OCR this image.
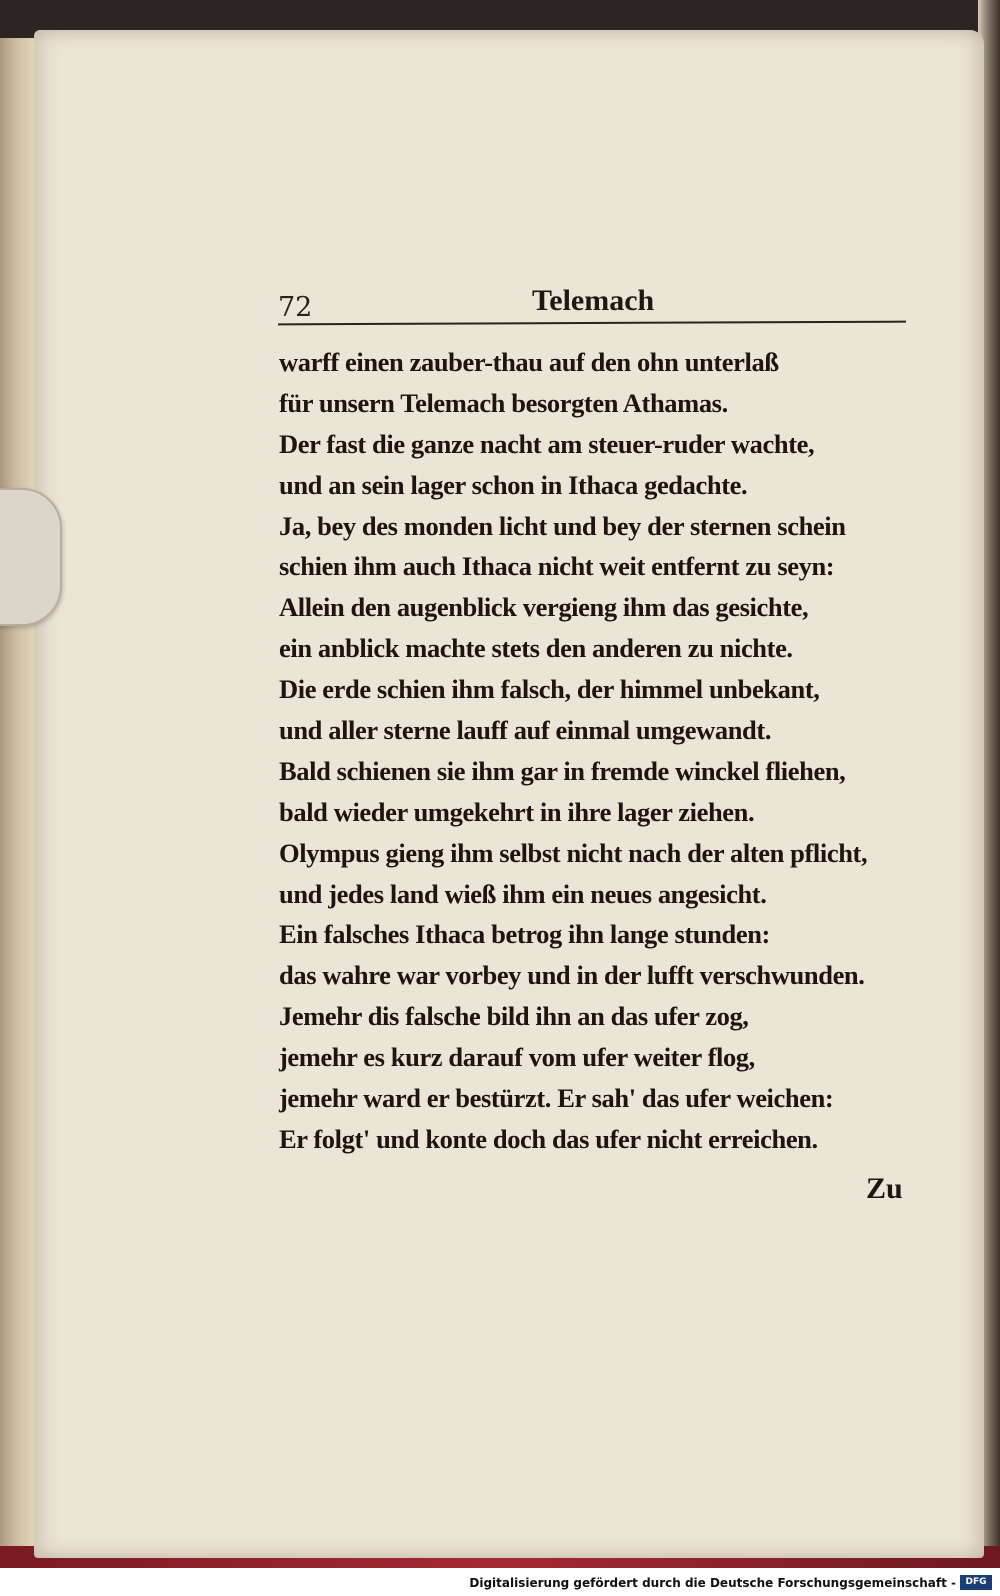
72	Telemach
warff einen zauber-thau auf den ohn unterlaß
für unsern Telemach besorgten Athamas.
Der fast die ganze nacht am steuer-ruder wachte,
und an sein lager schon in Ithaca gedachte.
Ja, bey des monden licht und bey der sternen schein
schien ihm auch Ithaca nicht weit entfernt zu seyn:
Allein den augenblick vergieng ihm das gesichte,
ein anblick machte stets den anderen zu nichte.
Die erde schien ihm falsch, der himmel unbekant,
und aller sterne lauff auf einmal umgewandt.
Bald schienen sie ihm gar in fremde winckel fliehen,
bald wieder umgekehrt in ihre lager ziehen.
Olympus gieng ihm selbst nicht nach der alten pflicht,
und jedes land wieß ihm ein neues angesicht.
Ein falsches Ithaca betrog ihn lange stunden:
das wahre war vorbey und in der lufft verschwunden.
Jemehr dis falsche bild ihn an das ufer zog,
jemehr es kurz darauf vom ufer weiter flog,
jemehr ward er bestürzt. Er sah' das ufer weichen:
Er folgt' und konte doch das ufer nicht erreichen.
Zu
Digitalisierung gefördert durch die Deutsche Forschungsgemeinschaft -	DFG
